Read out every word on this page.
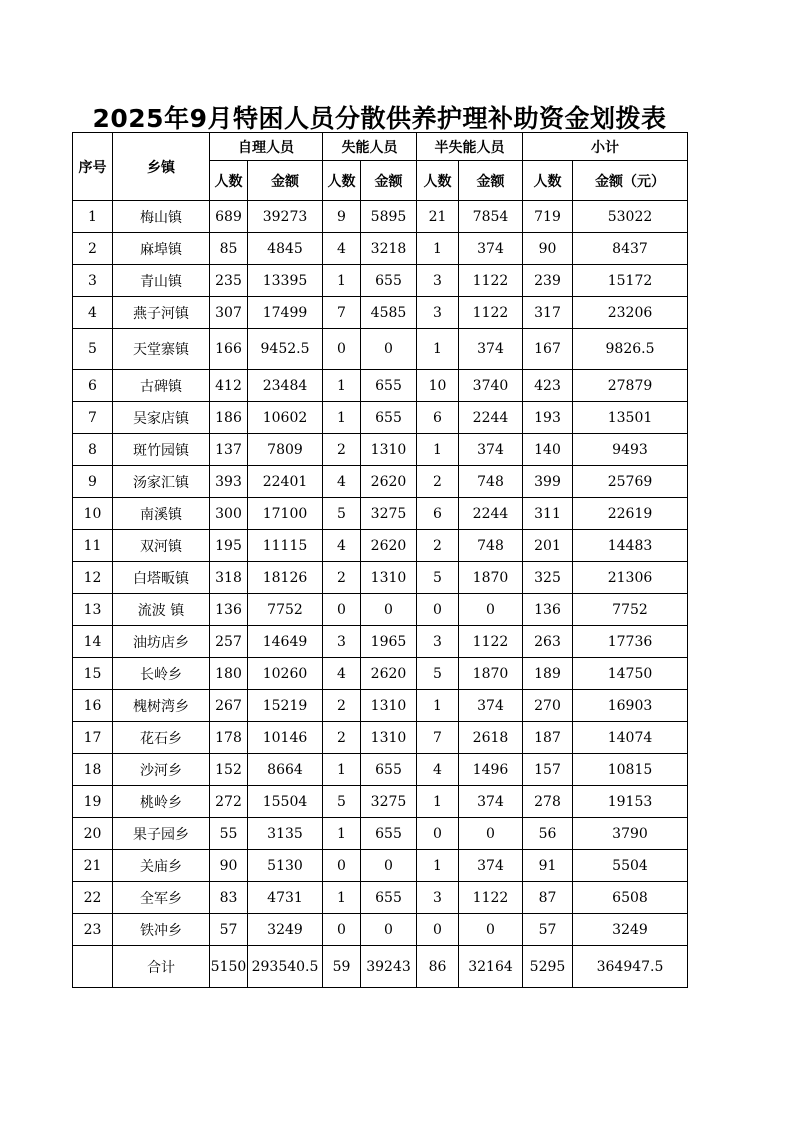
2025年9月特困人员分散供养护理补助资金划拨表
序号	乡镇	自理人员		失能人员		半失能人员		小计	
		人数	金额	人数	金额	人数	金额	人数	金额（元）
1	梅山镇	689	39273	9	5895	21	7854	719	53022
2	麻埠镇	85	4845	4	3218	1	374	90	8437
3	青山镇	235	13395	1	655	3	1122	239	15172
4	燕子河镇	307	17499	7	4585	3	1122	317	23206
5	天堂寨镇	166	9452.5	0	0	1	374	167	9826.5
6	古碑镇	412	23484	1	655	10	3740	423	27879
7	吴家店镇	186	10602	1	655	6	2244	193	13501
8	斑竹园镇	137	7809	2	1310	1	374	140	9493
9	汤家汇镇	393	22401	4	2620	2	748	399	25769
10	南溪镇	300	17100	5	3275	6	2244	311	22619
11	双河镇	195	11115	4	2620	2	748	201	14483
12	白塔畈镇	318	18126	2	1310	5	1870	325	21306
13	流波 镇	136	7752	0	0	0	0	136	7752
14	油坊店乡	257	14649	3	1965	3	1122	263	17736
15	长岭乡	180	10260	4	2620	5	1870	189	14750
16	槐树湾乡	267	15219	2	1310	1	374	270	16903
17	花石乡	178	10146	2	1310	7	2618	187	14074
18	沙河乡	152	8664	1	655	4	1496	157	10815
19	桃岭乡	272	15504	5	3275	1	374	278	19153
20	果子园乡	55	3135	1	655	0	0	56	3790
21	关庙乡	90	5130	0	0	1	374	91	5504
22	全军乡	83	4731	1	655	3	1122	87	6508
23	铁冲乡	57	3249	0	0	0	0	57	3249
	合计	5150	293540.5	59	39243	86	32164	5295	364947.5
